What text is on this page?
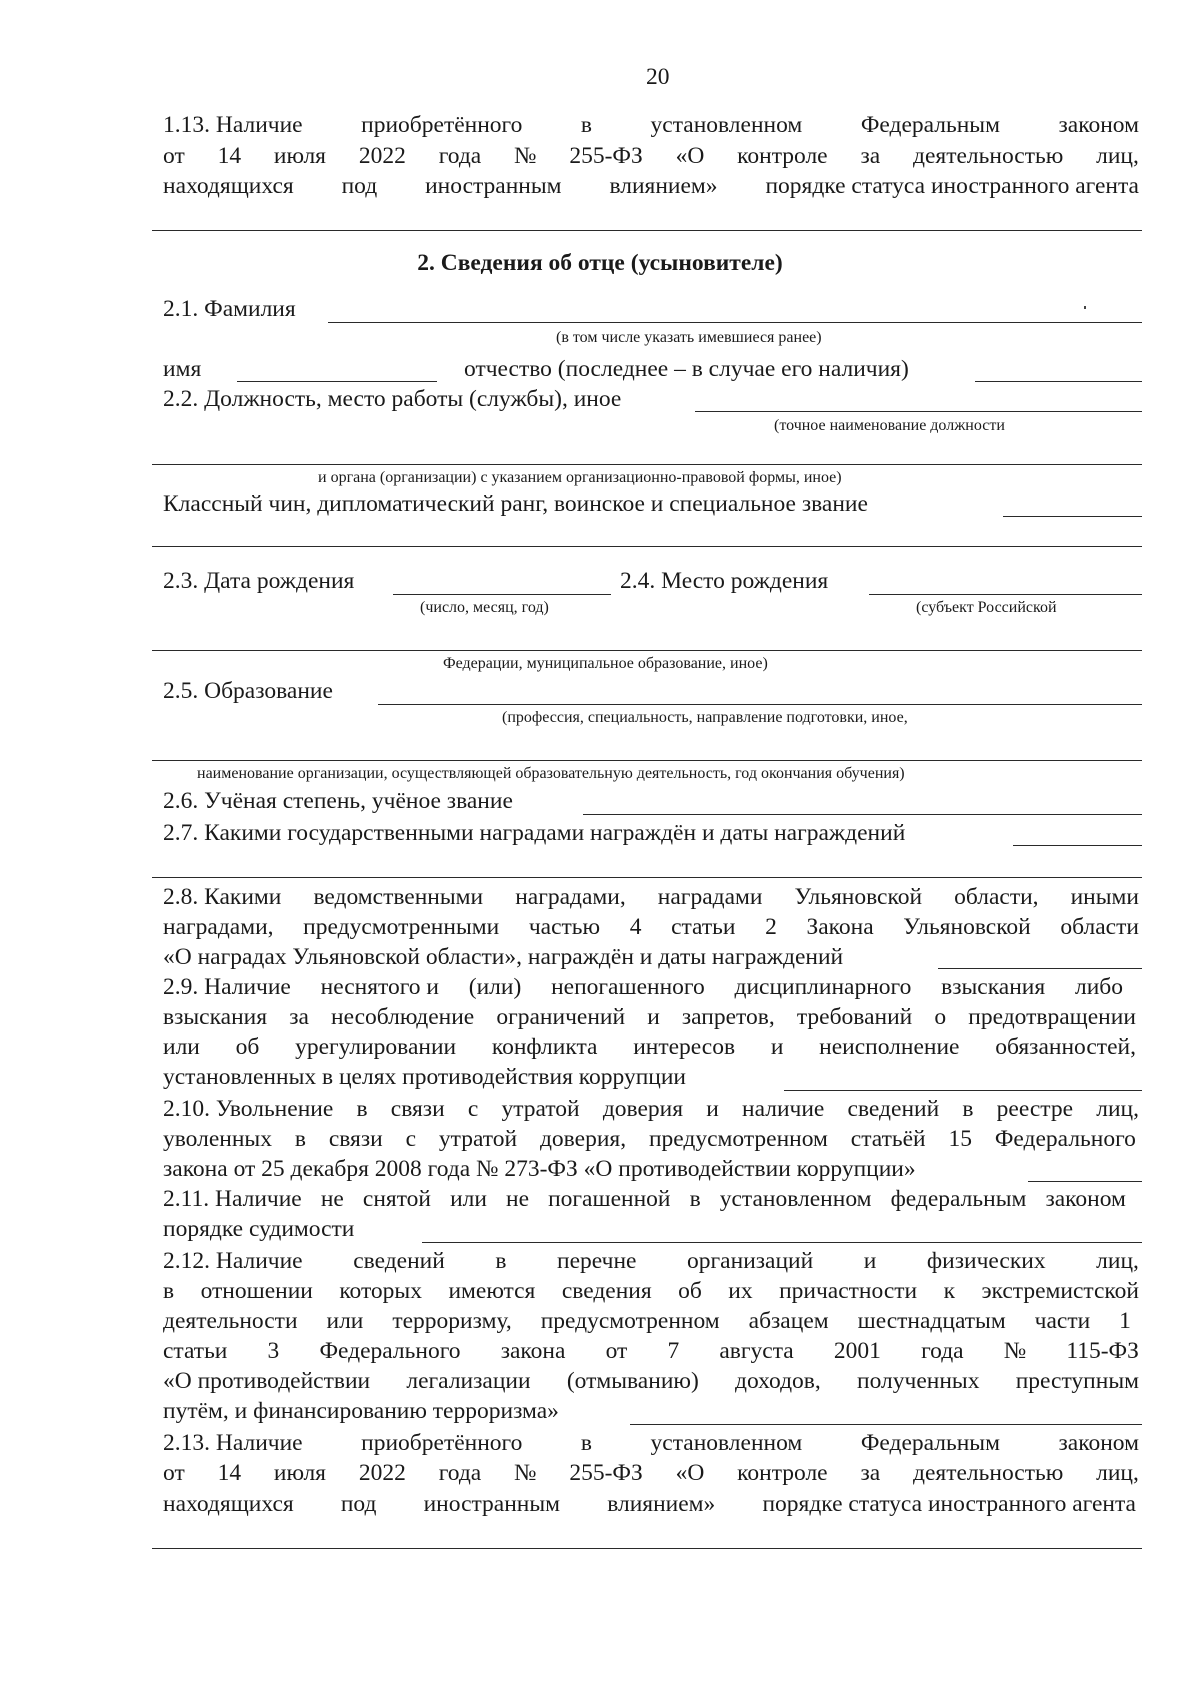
20
1.13. Наличие приобретённого в установленном Федеральным законом
от 14 июля 2022 года № 255-ФЗ «О контроле за деятельностью лиц,
находящихся под иностранным влиянием» порядке статуса иностранного агента
2. Сведения об отце (усыновителе)
2.1. Фамилия
(в том числе указать имевшиеся ранее)
имя	отчество (последнее – в случае его наличия)
2.2. Должность, место работы (службы), иное
(точное наименование должности
и органа (организации) с указанием организационно-правовой формы, иное)
Классный чин, дипломатический ранг, воинское и специальное звание
2.3. Дата рождения
(число, месяц, год)
2.4. Место рождения
(субъект Российской
Федерации, муниципальное образование, иное)
2.5. Образование
(профессия, специальность, направление подготовки, иное,
наименование организации, осуществляющей образовательную деятельность, год окончания обучения)
2.6. Учёная степень, учёное звание
2.7. Какими государственными наградами награждён и даты награждений
2.8. Какими ведомственными наградами, наградами Ульяновской области, иными
наградами, предусмотренными частью 4 статьи 2 Закона Ульяновской области
«О наградах Ульяновской области», награждён и даты награждений
2.9. Наличие неснятого и (или) непогашенного дисциплинарного взыскания либо
взыскания за несоблюдение ограничений и запретов, требований о предотвращении
или об урегулировании конфликта интересов и неисполнение обязанностей,
установленных в целях противодействия коррупции
2.10. Увольнение в связи с утратой доверия и наличие сведений в реестре лиц,
уволенных в связи с утратой доверия, предусмотренном статьёй 15 Федерального
закона от 25 декабря 2008 года № 273-ФЗ «О противодействии коррупции»
2.11. Наличие не снятой или не погашенной в установленном федеральным законом
порядке судимости
2.12. Наличие сведений в перечне организаций и физических лиц,
в отношении которых имеются сведения об их причастности к экстремистской
деятельности или терроризму, предусмотренном абзацем шестнадцатым части 1
статьи 3 Федерального закона от 7 августа 2001 года № 115-ФЗ
«О противодействии легализации (отмыванию) доходов, полученных преступным
путём, и финансированию терроризма»
2.13. Наличие приобретённого в установленном Федеральным законом
от 14 июля 2022 года № 255-ФЗ «О контроле за деятельностью лиц,
находящихся под иностранным влиянием» порядке статуса иностранного агента
